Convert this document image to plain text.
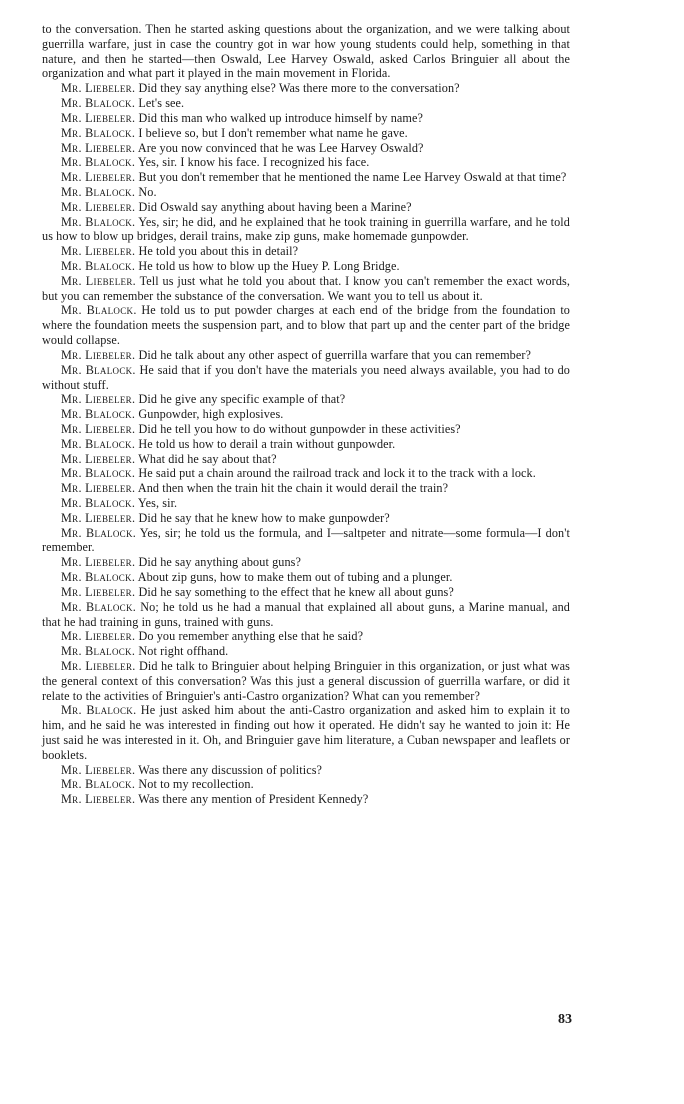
to the conversation. Then he started asking questions about the organization, and we were talking about guerrilla warfare, just in case the country got in war how young students could help, something in that nature, and then he started—then Oswald, Lee Harvey Oswald, asked Carlos Bringuier all about the organization and what part it played in the main movement in Florida.

Mr. Liebeler. Did they say anything else? Was there more to the conversation?

Mr. Blalock. Let's see.

Mr. Liebeler. Did this man who walked up introduce himself by name?

Mr. Blalock. I believe so, but I don't remember what name he gave.

Mr. Liebeler. Are you now convinced that he was Lee Harvey Oswald?

Mr. Blalock. Yes, sir. I know his face. I recognized his face.

Mr. Liebeler. But you don't remember that he mentioned the name Lee Harvey Oswald at that time?

Mr. Blalock. No.

Mr. Liebeler. Did Oswald say anything about having been a Marine?

Mr. Blalock. Yes, sir; he did, and he explained that he took training in guerrilla warfare, and he told us how to blow up bridges, derail trains, make zip guns, make homemade gunpowder.

Mr. Liebeler. He told you about this in detail?

Mr. Blalock. He told us how to blow up the Huey P. Long Bridge.

Mr. Liebeler. Tell us just what he told you about that. I know you can't remember the exact words, but you can remember the substance of the conversation. We want you to tell us about it.

Mr. Blalock. He told us to put powder charges at each end of the bridge from the foundation to where the foundation meets the suspension part, and to blow that part up and the center part of the bridge would collapse.

Mr. Liebeler. Did he talk about any other aspect of guerrilla warfare that you can remember?

Mr. Blalock. He said that if you don't have the materials you need always available, you had to do without stuff.

Mr. Liebeler. Did he give any specific example of that?

Mr. Blalock. Gunpowder, high explosives.

Mr. Liebeler. Did he tell you how to do without gunpowder in these activities?

Mr. Blalock. He told us how to derail a train without gunpowder.

Mr. Liebeler. What did he say about that?

Mr. Blalock. He said put a chain around the railroad track and lock it to the track with a lock.

Mr. Liebeler. And then when the train hit the chain it would derail the train?

Mr. Blalock. Yes, sir.

Mr. Liebeler. Did he say that he knew how to make gunpowder?

Mr. Blalock. Yes, sir; he told us the formula, and I—saltpeter and nitrate—some formula—I don't remember.

Mr. Liebeler. Did he say anything about guns?

Mr. Blalock. About zip guns, how to make them out of tubing and a plunger.

Mr. Liebeler. Did he say something to the effect that he knew all about guns?

Mr. Blalock. No; he told us he had a manual that explained all about guns, a Marine manual, and that he had training in guns, trained with guns.

Mr. Liebeler. Do you remember anything else that he said?

Mr. Blalock. Not right offhand.

Mr. Liebeler. Did he talk to Bringuier about helping Bringuier in this organization, or just what was the general context of this conversation? Was this just a general discussion of guerrilla warfare, or did it relate to the activities of Bringuier's anti-Castro organization? What can you remember?

Mr. Blalock. He just asked him about the anti-Castro organization and asked him to explain it to him, and he said he was interested in finding out how it operated. He didn't say he wanted to join it: He just said he was interested in it. Oh, and Bringuier gave him literature, a Cuban newspaper and leaflets or booklets.

Mr. Liebeler. Was there any discussion of politics?

Mr. Blalock. Not to my recollection.

Mr. Liebeler. Was there any mention of President Kennedy?

83
